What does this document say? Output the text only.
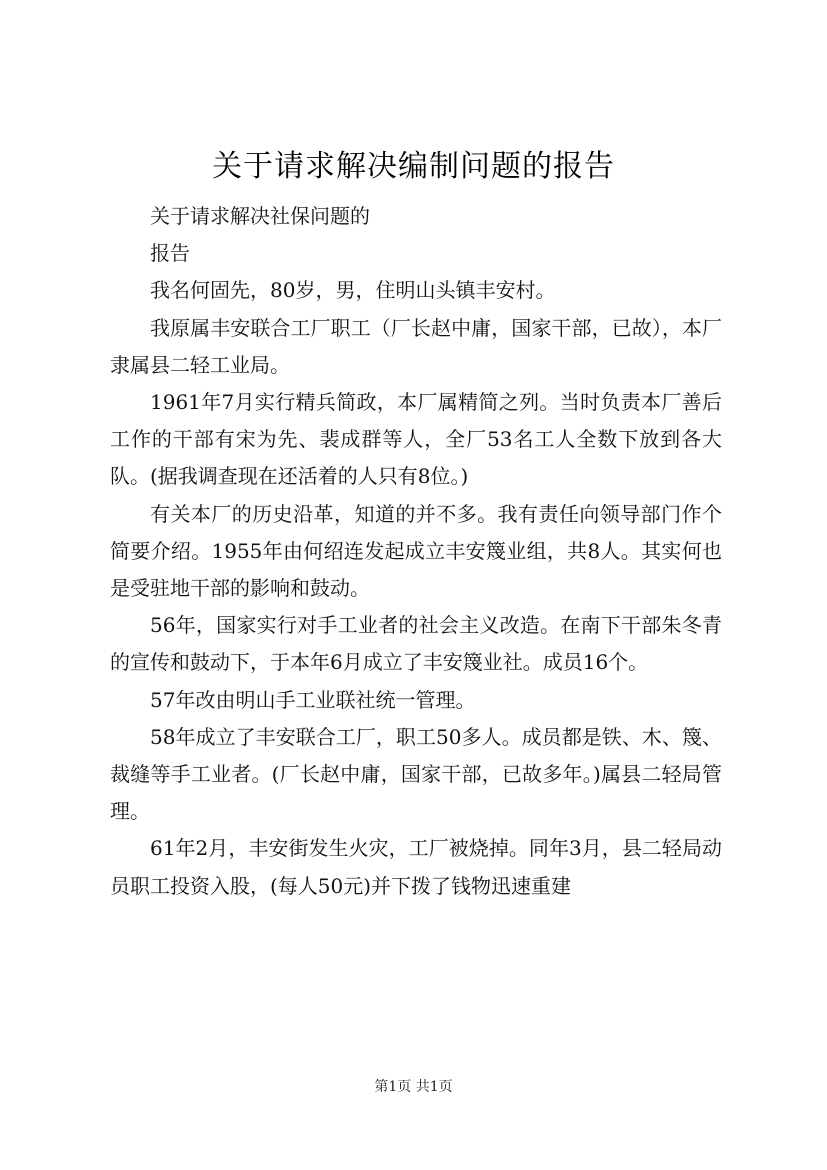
关于请求解决编制问题的报告

关于请求解决社保问题的

报告

我名何固先，80岁，男，住明山头镇丰安村。

我原属丰安联合工厂职工（厂长赵中庸，国家干部，已故），本厂隶属县二轻工业局。

1961年7月实行精兵简政，本厂属精简之列。当时负责本厂善后工作的干部有宋为先、裴成群等人，全厂53名工人全数下放到各大队。(据我调查现在还活着的人只有8位。)

有关本厂的历史沿革，知道的并不多。我有责任向领导部门作个简要介绍。1955年由何绍连发起成立丰安篾业组，共8人。其实何也是受驻地干部的影响和鼓动。

56年，国家实行对手工业者的社会主义改造。在南下干部朱冬青的宣传和鼓动下，于本年6月成立了丰安篾业社。成员16个。

57年改由明山手工业联社统一管理。

58年成立了丰安联合工厂，职工50多人。成员都是铁、木、篾、裁缝等手工业者。(厂长赵中庸，国家干部，已故多年。)属县二轻局管理。

61年2月，丰安街发生火灾，工厂被烧掉。同年3月，县二轻局动员职工投资入股，(每人50元)并下拨了钱物迅速重建

第1页 共1页
